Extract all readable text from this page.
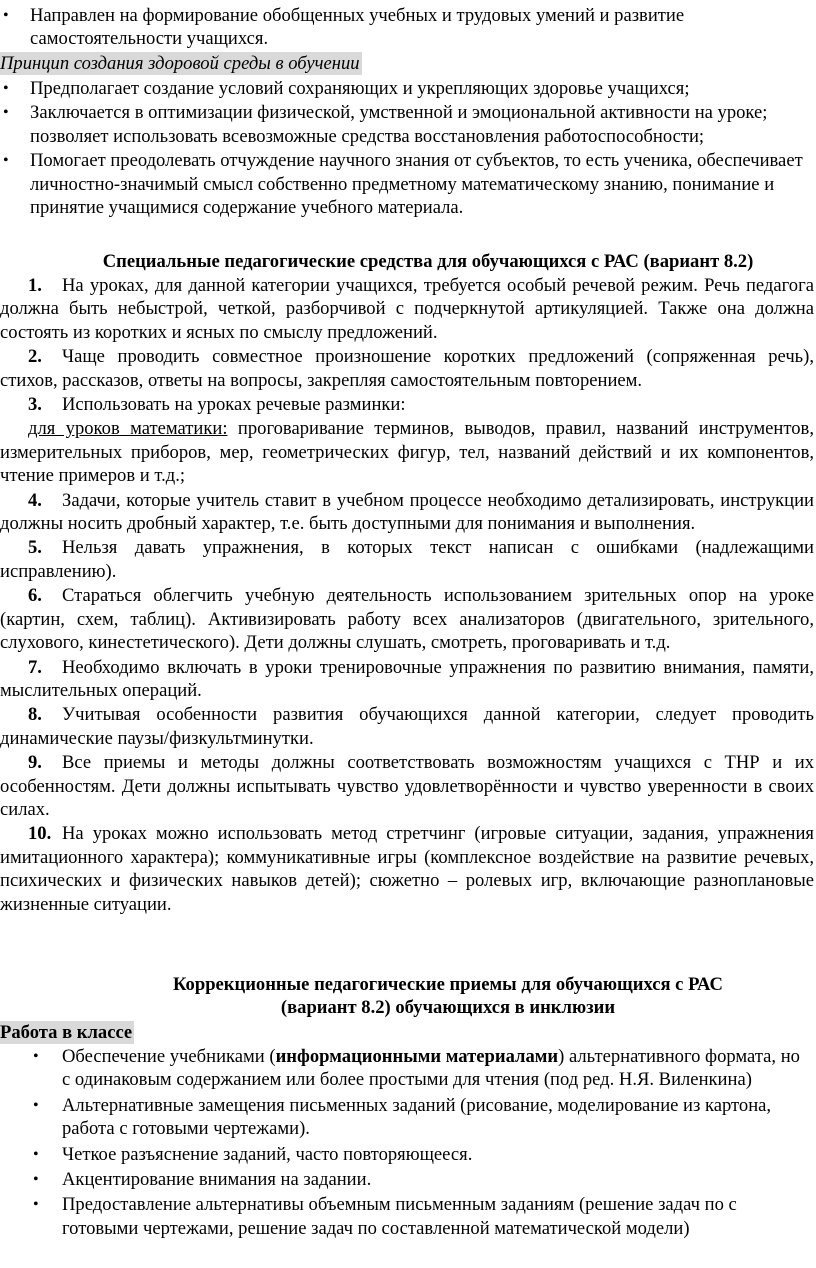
• Направлен на формирование обобщенных учебных и трудовых умений и развитие самостоятельности учащихся.
Принцип создания здоровой среды в обучении
• Предполагает создание условий сохраняющих и укрепляющих здоровье учащихся;
• Заключается в оптимизации физической, умственной и эмоциональной активности на уроке; позволяет использовать всевозможные средства восстановления работоспособности;
• Помогает преодолевать отчуждение научного знания от субъектов, то есть ученика, обеспечивает личностно-значимый смысл собственно предметному математическому знанию, понимание и принятие учащимися содержание учебного материала.
Специальные педагогические средства для обучающихся с РАС (вариант 8.2)
1. На уроках, для данной категории учащихся, требуется особый речевой режим. Речь педагога должна быть небыстрой, четкой, разборчивой с подчеркнутой артикуляцией. Также она должна состоять из коротких и ясных по смыслу предложений.
2. Чаще проводить совместное произношение коротких предложений (сопряженная речь), стихов, рассказов, ответы на вопросы, закрепляя самостоятельным повторением.
3. Использовать на уроках речевые разминки:
для уроков математики: проговаривание терминов, выводов, правил, названий инструментов, измерительных приборов, мер, геометрических фигур, тел, названий действий и их компонентов, чтение примеров и т.д.;
4. Задачи, которые учитель ставит в учебном процессе необходимо детализировать, инструкции должны носить дробный характер, т.е. быть доступными для понимания и выполнения.
5. Нельзя давать упражнения, в которых текст написан с ошибками (надлежащими исправлению).
6. Стараться облегчить учебную деятельность использованием зрительных опор на уроке (картин, схем, таблиц). Активизировать работу всех анализаторов (двигательного, зрительного, слухового, кинестетического). Дети должны слушать, смотреть, проговаривать и т.д.
7. Необходимо включать в уроки тренировочные упражнения по развитию внимания, памяти, мыслительных операций.
8. Учитывая особенности развития обучающихся данной категории, следует проводить динамические паузы/физкультминутки.
9. Все приемы и методы должны соответствовать возможностям учащихся с ТНР и их особенностям. Дети должны испытывать чувство удовлетворённости и чувство уверенности в своих силах.
10. На уроках можно использовать метод стретчинг (игровые ситуации, задания, упражнения имитационного характера); коммуникативные игры (комплексное воздействие на развитие речевых, психических и физических навыков детей); сюжетно – ролевых игр, включающие разноплановые жизненные ситуации.
Коррекционные педагогические приемы для обучающихся с РАС
(вариант 8.2) обучающихся в инклюзии
Работа в классе
• Обеспечение учебниками (информационными материалами) альтернативного формата, но с одинаковым содержанием или более простыми для чтения (под ред. Н.Я. Виленкина)
• Альтернативные замещения письменных заданий (рисование, моделирование из картона, работа с готовыми чертежами).
• Четкое разъяснение заданий, часто повторяющееся.
• Акцентирование внимания на задании.
• Предоставление альтернативы объемным письменным заданиям (решение задач по с готовыми чертежами, решение задач по составленной математической модели)
